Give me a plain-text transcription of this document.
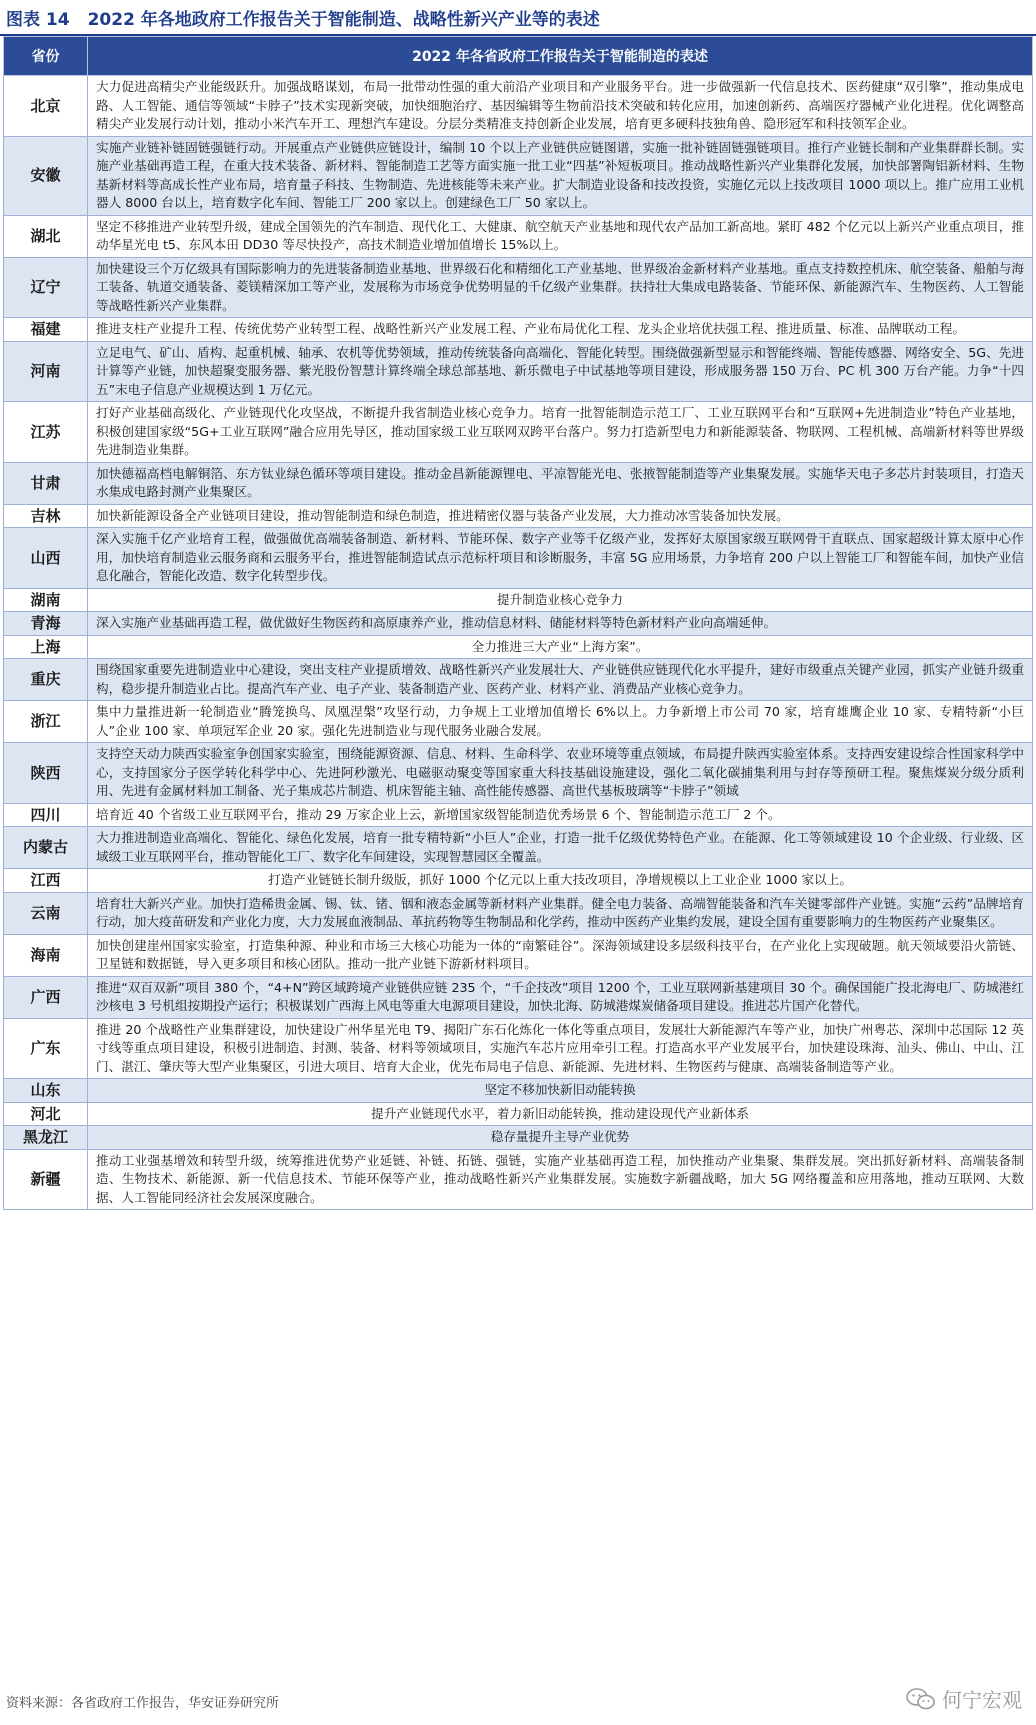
图表 14 2022 年各地政府工作报告关于智能制造、战略性新兴产业等的表述
省份	2022 年各省政府工作报告关于智能制造的表述
北京	大力促进高精尖产业能级跃升。加强战略谋划，布局一批带动性强的重大前沿产业项目和产业服务平台。进一步做强新一代信息技术、医药健康“双引擎”，推动集成电路、人工智能、通信等领域“卡脖子”技术实现新突破，加快细胞治疗、基因编辑等生物前沿技术突破和转化应用，加速创新药、高端医疗器械产业化进程。优化调整高精尖产业发展行动计划，推动小米汽车开工、理想汽车建设。分层分类精准支持创新企业发展，培育更多硬科技独角兽、隐形冠军和科技领军企业。
安徽	实施产业链补链固链强链行动。开展重点产业链供应链设计，编制 10 个以上产业链供应链图谱，实施一批补链固链强链项目。推行产业链长制和产业集群群长制。实施产业基础再造工程，在重大技术装备、新材料、智能制造工艺等方面实施一批工业“四基”补短板项目。推动战略性新兴产业集群化发展，加快部署陶铝新材料、生物基新材料等高成长性产业布局，培育量子科技、生物制造、先进核能等未来产业。扩大制造业设备和技改投资，实施亿元以上技改项目 1000 项以上。推广应用工业机器人 8000 台以上，培育数字化车间、智能工厂 200 家以上。创建绿色工厂 50 家以上。
湖北	坚定不移推进产业转型升级，建成全国领先的汽车制造、现代化工、大健康、航空航天产业基地和现代农产品加工新高地。紧盯 482 个亿元以上新兴产业重点项目，推动华星光电 t5、东风本田 DD30 等尽快投产，高技术制造业增加值增长 15%以上。
辽宁	加快建设三个万亿级具有国际影响力的先进装备制造业基地、世界级石化和精细化工产业基地、世界级冶金新材料产业基地。重点支持数控机床、航空装备、船舶与海工装备、轨道交通装备、菱镁精深加工等产业，发展称为市场竞争优势明显的千亿级产业集群。扶持壮大集成电路装备、节能环保、新能源汽车、生物医药、人工智能等战略性新兴产业集群。
福建	推进支柱产业提升工程、传统优势产业转型工程、战略性新兴产业发展工程、产业布局优化工程、龙头企业培优扶强工程、推进质量、标准、品牌联动工程。
河南	立足电气、矿山、盾构、起重机械、轴承、农机等优势领域，推动传统装备向高端化、智能化转型。围绕做强新型显示和智能终端、智能传感器、网络安全、5G、先进计算等产业链，加快超聚变服务器、紫光股份智慧计算终端全球总部基地、新乐微电子中试基地等项目建设，形成服务器 150 万台、PC 机 300 万台产能。力争“十四五”末电子信息产业规模达到 1 万亿元。
江苏	打好产业基础高级化、产业链现代化攻坚战，不断提升我省制造业核心竞争力。培育一批智能制造示范工厂、工业互联网平台和“互联网+先进制造业”特色产业基地，积极创建国家级“5G+工业互联网”融合应用先导区，推动国家级工业互联网双跨平台落户。努力打造新型电力和新能源装备、物联网、工程机械、高端新材料等世界级先进制造业集群。
甘肃	加快德福高档电解铜箔、东方钛业绿色循环等项目建设。推动金昌新能源锂电、平凉智能光电、张掖智能制造等产业集聚发展。实施华天电子多芯片封装项目，打造天水集成电路封测产业集聚区。
吉林	加快新能源设备全产业链项目建设，推动智能制造和绿色制造，推进精密仪器与装备产业发展，大力推动冰雪装备加快发展。
山西	深入实施千亿产业培育工程，做强做优高端装备制造、新材料、节能环保、数字产业等千亿级产业，发挥好太原国家级互联网骨干直联点、国家超级计算太原中心作用，加快培育制造业云服务商和云服务平台，推进智能制造试点示范标杆项目和诊断服务，丰富 5G 应用场景，力争培育 200 户以上智能工厂和智能车间，加快产业信息化融合，智能化改造、数字化转型步伐。
湖南	提升制造业核心竞争力
青海	深入实施产业基础再造工程，做优做好生物医药和高原康养产业，推动信息材料、储能材料等特色新材料产业向高端延伸。
上海	全力推进三大产业“上海方案”。
重庆	围绕国家重要先进制造业中心建设，突出支柱产业提质增效、战略性新兴产业发展壮大、产业链供应链现代化水平提升，建好市级重点关键产业园，抓实产业链升级重构，稳步提升制造业占比。提高汽车产业、电子产业、装备制造产业、医药产业、材料产业、消费品产业核心竞争力。
浙江	集中力量推进新一轮制造业“腾笼换鸟、凤凰涅槃”攻坚行动，力争规上工业增加值增长 6%以上。力争新增上市公司 70 家，培育雄鹰企业 10 家、专精特新“小巨人”企业 100 家、单项冠军企业 20 家。强化先进制造业与现代服务业融合发展。
陕西	支持空天动力陕西实验室争创国家实验室，围绕能源资源、信息、材料、生命科学、农业环境等重点领域，布局提升陕西实验室体系。支持西安建设综合性国家科学中心，支持国家分子医学转化科学中心、先进阿秒激光、电磁驱动聚变等国家重大科技基础设施建设，强化二氧化碳捕集利用与封存等预研工程。聚焦煤炭分级分质利用、先进有金属材料加工制备、光子集成芯片制造、机床智能主轴、高性能传感器、高世代基板玻璃等“卡脖子”领域
四川	培育近 40 个省级工业互联网平台，推动 29 万家企业上云，新增国家级智能制造优秀场景 6 个、智能制造示范工厂 2 个。
内蒙古	大力推进制造业高端化、智能化、绿色化发展，培育一批专精特新“小巨人”企业，打造一批千亿级优势特色产业。在能源、化工等领域建设 10 个企业级、行业级、区域级工业互联网平台，推动智能化工厂、数字化车间建设，实现智慧园区全覆盖。
江西	打造产业链链长制升级版，抓好 1000 个亿元以上重大技改项目，净增规模以上工业企业 1000 家以上。
云南	培育壮大新兴产业。加快打造稀贵金属、锡、钛、锗、铟和液态金属等新材料产业集群。健全电力装备、高端智能装备和汽车关键零部件产业链。实施“云药”品牌培育行动，加大疫苗研发和产业化力度，大力发展血液制品、革抗药物等生物制品和化学药，推动中医药产业集约发展，建设全国有重要影响力的生物医药产业聚集区。
海南	加快创建崖州国家实验室，打造集种源、种业和市场三大核心功能为一体的“南繁硅谷”。深海领域建设多层级科技平台，在产业化上实现破题。航天领域要沿火箭链、卫星链和数据链，导入更多项目和核心团队。推动一批产业链下游新材料项目。
广西	推进“双百双新”项目 380 个，“4+N”跨区域跨境产业链供应链 235 个，“千企技改”项目 1200 个，工业互联网新基建项目 30 个。确保国能广投北海电厂、防城港红沙核电 3 号机组按期投产运行；积极谋划广西海上风电等重大电源项目建设，加快北海、防城港煤炭储备项目建设。推进芯片国产化替代。
广东	推进 20 个战略性产业集群建设，加快建设广州华星光电 T9、揭阳广东石化炼化一体化等重点项目，发展壮大新能源汽车等产业，加快广州粤芯、深圳中芯国际 12 英寸线等重点项目建设，积极引进制造、封测、装备、材料等领域项目，实施汽车芯片应用牵引工程。打造高水平产业发展平台，加快建设珠海、汕头、佛山、中山、江门、湛江、肇庆等大型产业集聚区，引进大项目、培育大企业，优先布局电子信息、新能源、先进材料、生物医药与健康、高端装备制造等产业。
山东	坚定不移加快新旧动能转换
河北	提升产业链现代水平，着力新旧动能转换，推动建设现代产业新体系
黑龙江	稳存量提升主导产业优势
新疆	推动工业强基增效和转型升级，统筹推进优势产业延链、补链、拓链、强链，实施产业基础再造工程，加快推动产业集聚、集群发展。突出抓好新材料、高端装备制造、生物技术、新能源、新一代信息技术、节能环保等产业，推动战略性新兴产业集群发展。实施数字新疆战略，加大 5G 网络覆盖和应用落地，推动互联网、大数据、人工智能同经济社会发展深度融合。
资料来源：各省政府工作报告，华安证券研究所	何宁宏观
